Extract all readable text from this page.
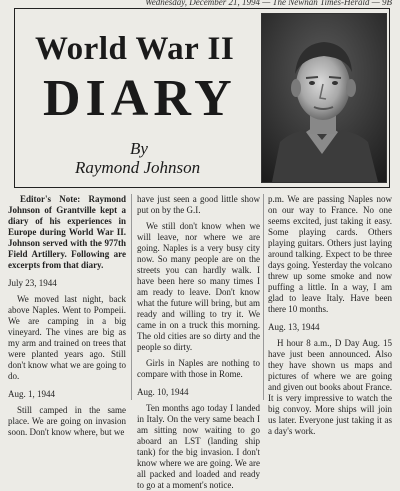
Wednesday, December 21, 1994 — The Newnan Times-Herald — 9B
World War II
DIARY
By
Raymond Johnson

Editor's Note: Raymond Johnson of Grantville kept a diary of his experiences in Europe during World War II. Johnson served with the 977th Field Artillery. Following are excerpts from that diary.

July 23, 1944

We moved last night, back above Naples. Went to Pompeii. We are camping in a big vineyard. The vines are big as my arm and trained on trees that were planted years ago. Still don't know what we are going to do.

Aug. 1, 1944

Still camped in the same place. We are going on invasion soon. Don't know where, but we

have just seen a good little show put on by the G.I.

We still don't know when we will leave, nor where we are going. Naples is a very busy city now. So many people are on the streets you can hardly walk. I have been here so many times I am ready to leave. Don't know what the future will bring, but am ready and willing to try it. We came in on a truck this morning. The old cities are so dirty and the people so dirty.

Girls in Naples are nothing to compare with those in Rome.

Aug. 10, 1944

Ten months ago today I landed in Italy. On the very same beach I am sitting now waiting to go aboard an LST (landing ship tank) for the big invasion. I don't know where we are going. We are all packed and loaded and ready to go at a moment's notice.

p.m. We are passing Naples now on our way to France. No one seems excited, just taking it easy. Some playing cards. Others playing guitars. Others just laying around talking. Expect to be three days going. Yesterday the volcano threw up some smoke and now puffing a little. In a way, I am glad to leave Italy. Have been there 10 months.

Aug. 13, 1944

H hour 8 a.m., D Day Aug. 15 have just been announced. Also they have shown us maps and pictures of where we are going and given out books about France. It is very impressive to watch the big convoy. More ships will join us later. Everyone just taking it as a day's work.
